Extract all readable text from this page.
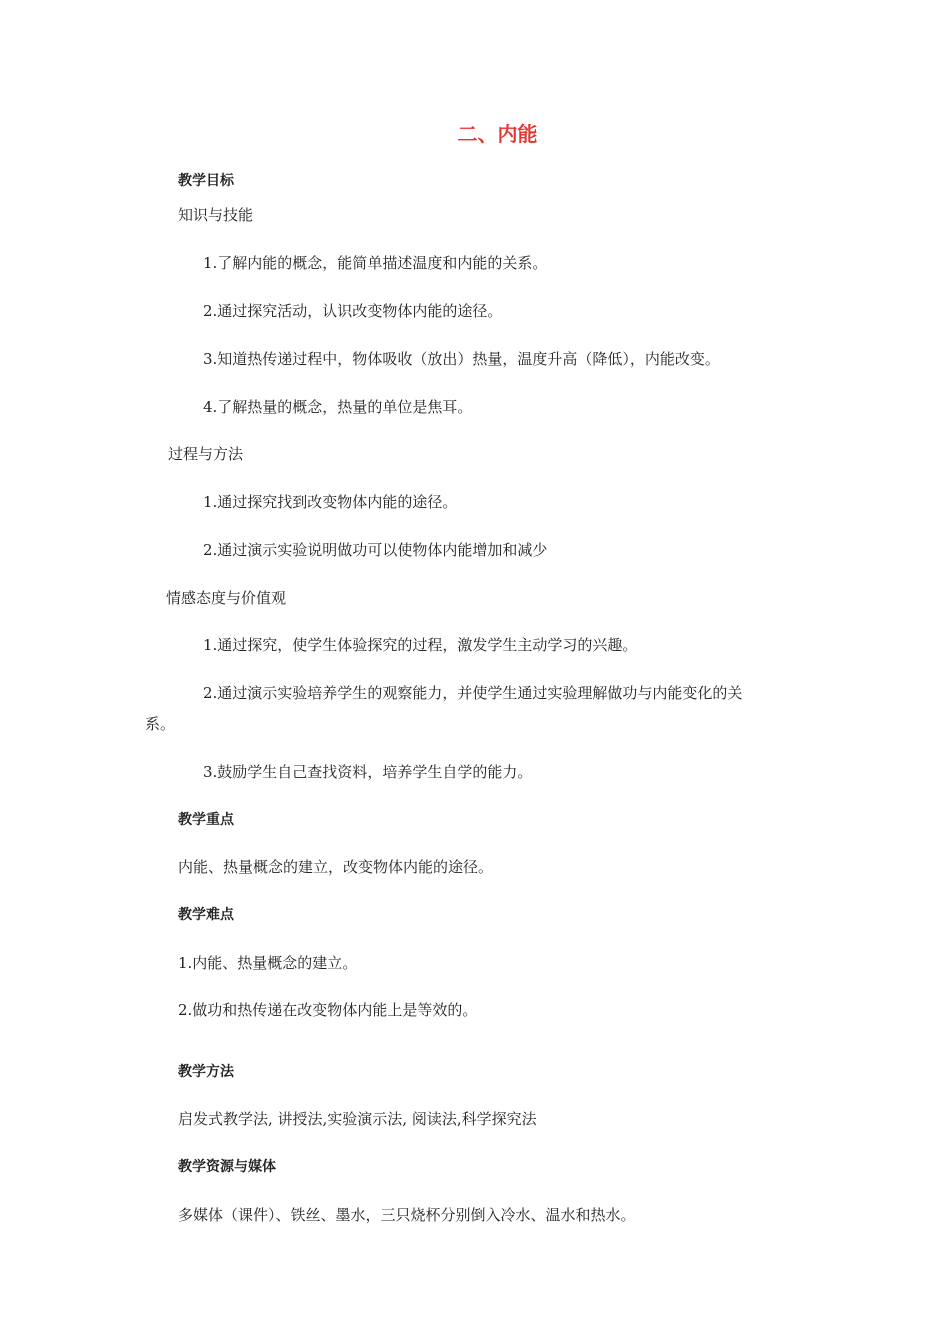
二、内能
教学目标
知识与技能
1.了解内能的概念，能简单描述温度和内能的关系。
2.通过探究活动，认识改变物体内能的途径。
3.知道热传递过程中，物体吸收（放出）热量，温度升高（降低），内能改变。
4.了解热量的概念，热量的单位是焦耳。
过程与方法
1.通过探究找到改变物体内能的途径。
2.通过演示实验说明做功可以使物体内能增加和减少
情感态度与价值观
1.通过探究，使学生体验探究的过程，激发学生主动学习的兴趣。
2.通过演示实验培养学生的观察能力，并使学生通过实验理解做功与内能变化的关
系。
3.鼓励学生自己查找资料，培养学生自学的能力。
教学重点
内能、热量概念的建立，改变物体内能的途径。
教学难点
1.内能、热量概念的建立。
2.做功和热传递在改变物体内能上是等效的。
教学方法
启发式教学法, 讲授法,实验演示法, 阅读法,科学探究法
教学资源与媒体
多媒体（课件）、铁丝、墨水，三只烧杯分别倒入冷水、温水和热水。
